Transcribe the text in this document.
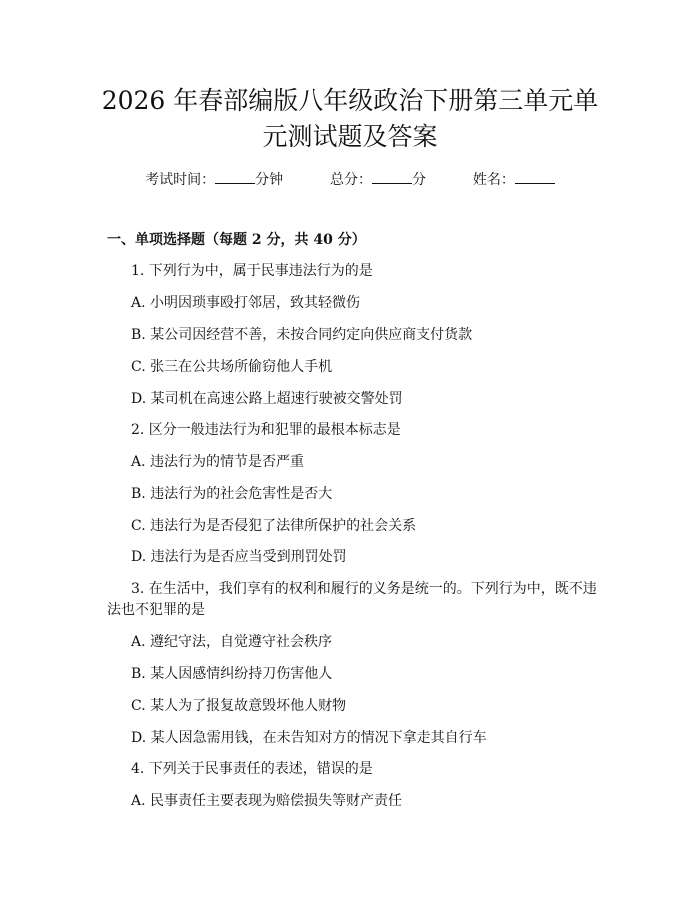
2026 年春部编版八年级政治下册第三单元单
元测试题及答案
考试时间：	分钟	总分：	分	姓名：
一、单项选择题（每题 2 分，共 40 分）
1. 下列行为中，属于民事违法行为的是
A. 小明因琐事殴打邻居，致其轻微伤
B. 某公司因经营不善，未按合同约定向供应商支付货款
C. 张三在公共场所偷窃他人手机
D. 某司机在高速公路上超速行驶被交警处罚
2. 区分一般违法行为和犯罪的最根本标志是
A. 违法行为的情节是否严重
B. 违法行为的社会危害性是否大
C. 违法行为是否侵犯了法律所保护的社会关系
D. 违法行为是否应当受到刑罚处罚
3. 在生活中，我们享有的权利和履行的义务是统一的。下列行为中，既不违
法也不犯罪的是
A. 遵纪守法，自觉遵守社会秩序
B. 某人因感情纠纷持刀伤害他人
C. 某人为了报复故意毁坏他人财物
D. 某人因急需用钱，在未告知对方的情况下拿走其自行车
4. 下列关于民事责任的表述，错误的是
A. 民事责任主要表现为赔偿损失等财产责任
